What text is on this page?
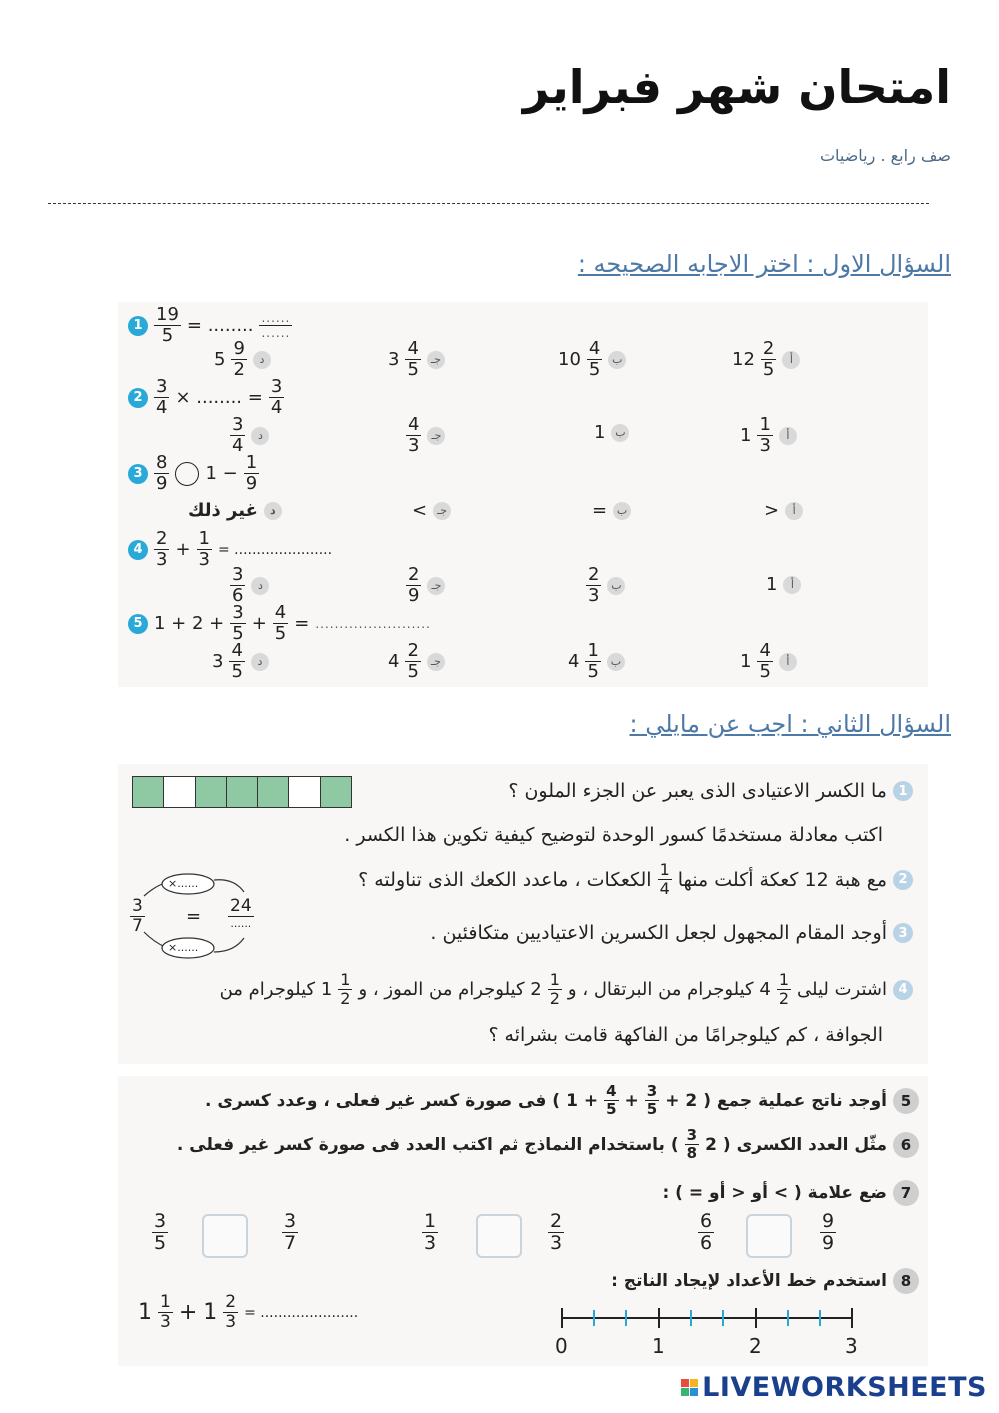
امتحان شهر فبراير
صف رابع . رياضيات
السؤال الاول : اختر الاجابه الصحيحه :
$1 \frac{19}{5}$ = ........ $\frac{......}{......}$
$12 \frac{2}{5}$	أ
$10 \frac{4}{5}$ ب
$3 \frac{4}{5}$ جـ
$5 \frac{9}{2}$	د
$2 \frac{3}{4}$ × ........ = $\frac{3}{4}$
$1 \frac{1}{3}$	أ
1 ب
$\frac{4}{3}$ جـ
$\frac{3}{4}$	د
$3 \frac{8}{9} 1 - \frac{1}{9}$
>	أ
= ب
< جـ
غير ذلك	د
$4 \frac{2}{3} + \frac{1}{3}$ = ......................
1	أ
$\frac{2}{3}$ ب
$\frac{2}{9}$ جـ
$\frac{3}{6}$	د
5 $1 + 2 + \frac{3}{5} + \frac{4}{5}$ = ........................
$1 \frac{4}{5}$	أ
$4 \frac{1}{5}$ ب
$4 \frac{2}{5}$ جـ
$3 \frac{4}{5}$	د
السؤال الثاني : اجب عن مايلي :
1
ما الكسر الاعتيادى الذى يعبر عن الجزء الملون ؟
اكتب معادلة مستخدمًا كسور الوحدة لتوضيح كيفية تكوين هذا الكسر .
2
مع هبة 12 كعكة أكلت منها
$\frac{1}{4}$
الكعكات ، ماعدد الكعك الذى تناولته ؟
3
أوجد المقام المجهول لجعل الكسرين الاعتياديين متكافئين .
4
اشترت ليلى
$\frac{1}{2}$
4 كيلوجرام من البرتقال ، و
$\frac{1}{2}$
2 كيلوجرام من الموز ، و
$\frac{1}{2}$
1 كيلوجرام من
الجوافة ، كم كيلوجرامًا من الفاكهة قامت بشرائه ؟
×......
×......
$\frac{3}{7} = 24$
......
5
أوجد ناتج عملية جمع (
2 +
$\frac{3}{5}$
+
$\frac{4}{5}$
+ 1
) فى صورة كسر غير فعلى ، وعدد كسرى .
6
مثّل العدد الكسرى (
2
$\frac{3}{8}$
) باستخدام النماذج ثم اكتب العدد فى صورة كسر غير فعلى .
7
ضع علامة ( > أو < أو = ) :
$\frac{3}{5}$	$\frac{3}{7}$	$\frac{1}{3}$	$\frac{2}{3}$	$\frac{6}{6}$	$\frac{9}{9}$
8
استخدم خط الأعداد لإيجاد الناتج :
$1 \frac{1}{3} + 1 \frac{2}{3}$ = ......................
0	1	2	3
LIVEWORKSHEETS
